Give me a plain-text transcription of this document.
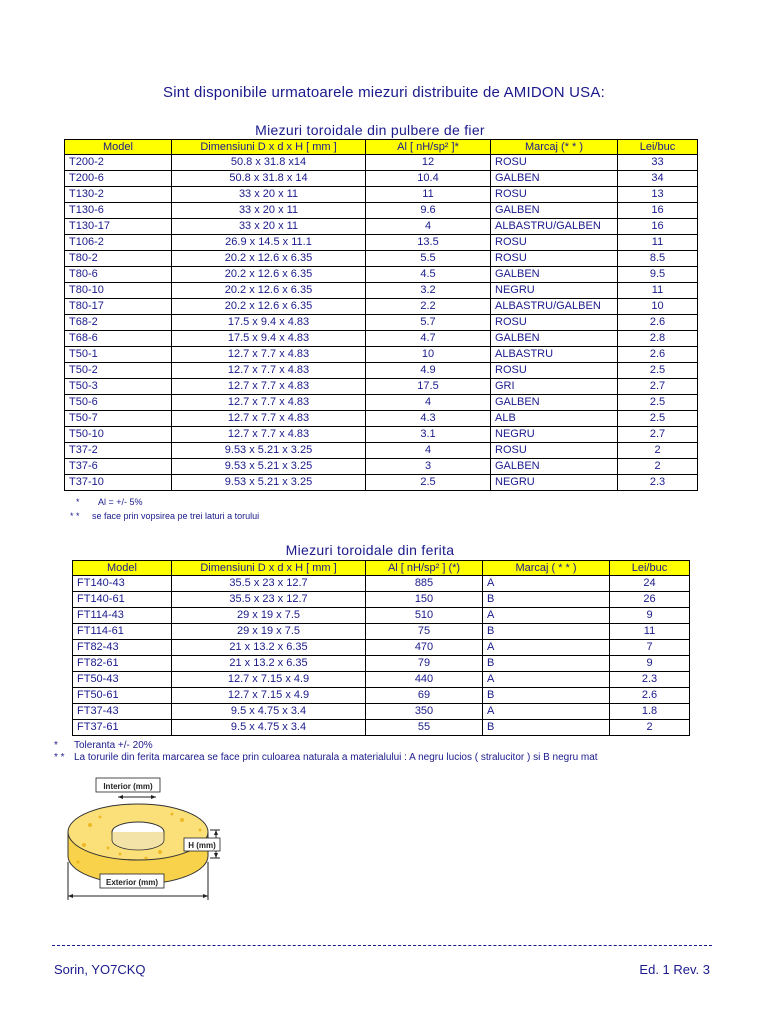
Sint disponibile urmatoarele miezuri distribuite de AMIDON USA:
Miezuri toroidale din pulbere de fier
Model	Dimensiuni D x d x H [ mm ]	Al [ nH/sp² ]*	Marcaj (* * )	Lei/buc
T200-2	50.8 x 31.8 x14	12	ROSU	33
T200-6	50.8 x 31.8 x 14	10.4	GALBEN	34
T130-2	33 x 20 x 11	11	ROSU	13
T130-6	33 x 20 x 11	9.6	GALBEN	16
T130-17	33 x 20 x 11	4	ALBASTRU/GALBEN	16
T106-2	26.9 x 14.5 x 11.1	13.5	ROSU	11
T80-2	20.2 x 12.6 x 6.35	5.5	ROSU	8.5
T80-6	20.2 x 12.6 x 6.35	4.5	GALBEN	9.5
T80-10	20.2 x 12.6 x 6.35	3.2	NEGRU	11
T80-17	20.2 x 12.6 x 6.35	2.2	ALBASTRU/GALBEN	10
T68-2	17.5 x 9.4 x 4.83	5.7	ROSU	2.6
T68-6	17.5 x 9.4 x 4.83	4.7	GALBEN	2.8
T50-1	12.7 x 7.7 x 4.83	10	ALBASTRU	2.6
T50-2	12.7 x 7.7 x 4.83	4.9	ROSU	2.5
T50-3	12.7 x 7.7 x 4.83	17.5	GRI	2.7
T50-6	12.7 x 7.7 x 4.83	4	GALBEN	2.5
T50-7	12.7 x 7.7 x 4.83	4.3	ALB	2.5
T50-10	12.7 x 7.7 x 4.83	3.1	NEGRU	2.7
T37-2	9.53 x 5.21 x 3.25	4	ROSU	2
T37-6	9.53 x 5.21 x 3.25	3	GALBEN	2
T37-10	9.53 x 5.21 x 3.25	2.5	NEGRU	2.3
* Al = +/- 5%
* * se face prin vopsirea pe trei laturi a torului
Miezuri toroidale din ferita
Model	Dimensiuni D x d x H [ mm ]	Al [ nH/sp² ] (*)	Marcaj ( * * )	Lei/buc
FT140-43	35.5 x 23 x 12.7	885	A	24
FT140-61	35.5 x 23 x 12.7	150	B	26
FT114-43	29 x 19 x 7.5	510	A	9
FT114-61	29 x 19 x 7.5	75	B	11
FT82-43	21 x 13.2 x 6.35	470	A	7
FT82-61	21 x 13.2 x 6.35	79	B	9
FT50-43	12.7 x 7.15 x 4.9	440	A	2.3
FT50-61	12.7 x 7.15 x 4.9	69	B	2.6
FT37-43	9.5 x 4.75 x 3.4	350	A	1.8
FT37-61	9.5 x 4.75 x 3.4	55	B	2
* Toleranta +/- 20%
* * La torurile din ferita marcarea se face prin culoarea naturala a materialului : A negru lucios ( stralucitor ) si B negru mat
Interior (mm)
H (mm)
Exterior (mm)
Sorin, YO7CKQ	Ed. 1 Rev. 3
